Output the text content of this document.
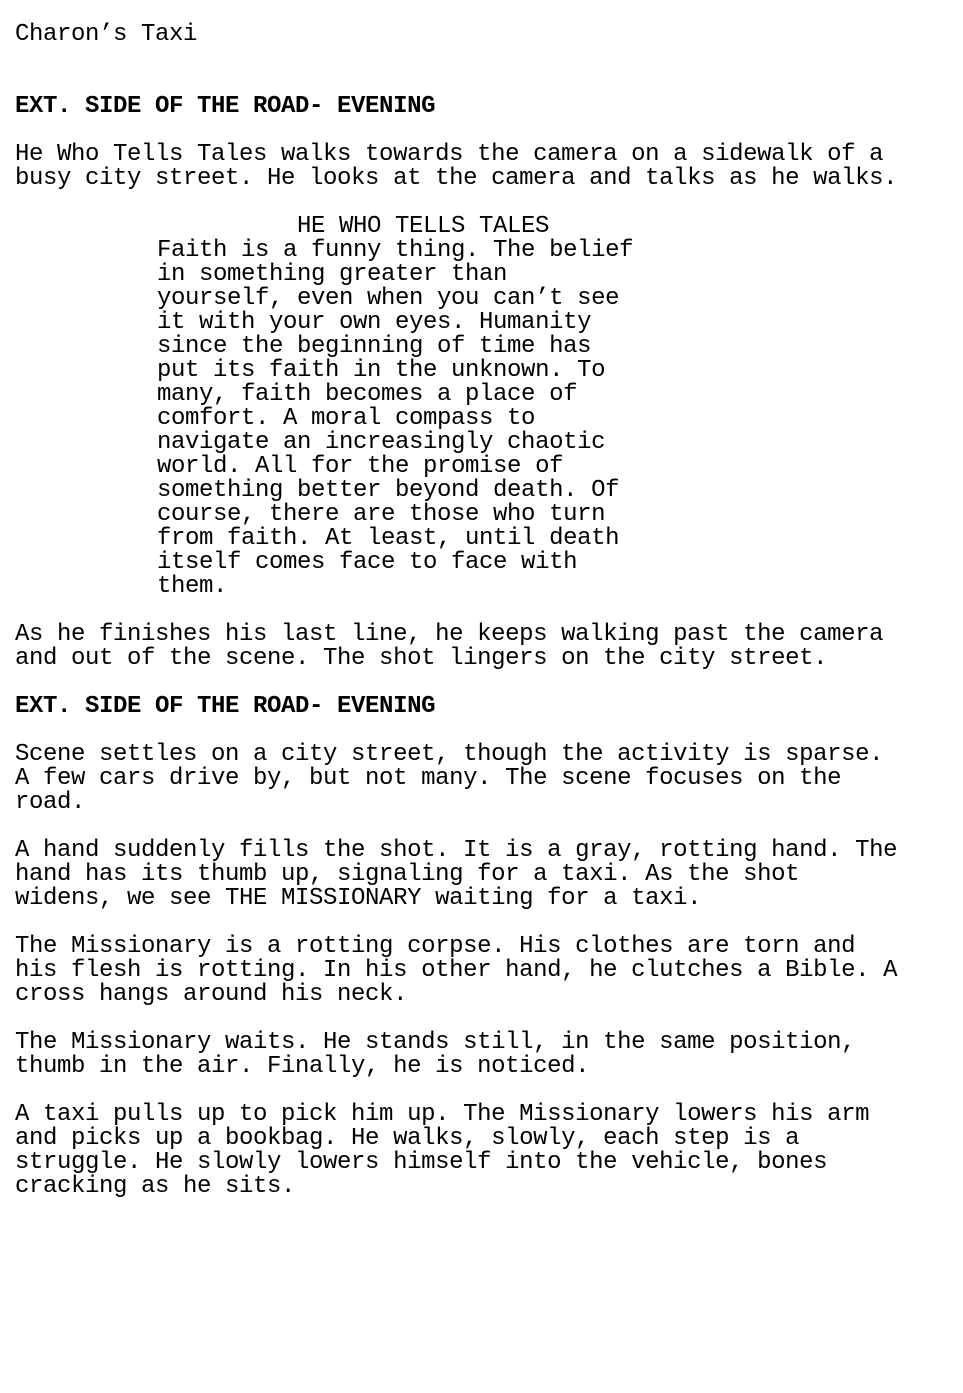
Charon’s Taxi
EXT. SIDE OF THE ROAD- EVENING
He Who Tells Tales walks towards the camera on a sidewalk of a
busy city street. He looks at the camera and talks as he walks.
HE WHO TELLS TALES
Faith is a funny thing. The belief
in something greater than
yourself, even when you can’t see
it with your own eyes. Humanity
since the beginning of time has
put its faith in the unknown. To
many, faith becomes a place of
comfort. A moral compass to
navigate an increasingly chaotic
world. All for the promise of
something better beyond death. Of
course, there are those who turn
from faith. At least, until death
itself comes face to face with
them.
As he finishes his last line, he keeps walking past the camera
and out of the scene. The shot lingers on the city street.
EXT. SIDE OF THE ROAD- EVENING
Scene settles on a city street, though the activity is sparse.
A few cars drive by, but not many. The scene focuses on the
road.
A hand suddenly fills the shot. It is a gray, rotting hand. The
hand has its thumb up, signaling for a taxi. As the shot
widens, we see THE MISSIONARY waiting for a taxi.
The Missionary is a rotting corpse. His clothes are torn and
his flesh is rotting. In his other hand, he clutches a Bible. A
cross hangs around his neck.
The Missionary waits. He stands still, in the same position,
thumb in the air. Finally, he is noticed.
A taxi pulls up to pick him up. The Missionary lowers his arm
and picks up a bookbag. He walks, slowly, each step is a
struggle. He slowly lowers himself into the vehicle, bones
cracking as he sits.
